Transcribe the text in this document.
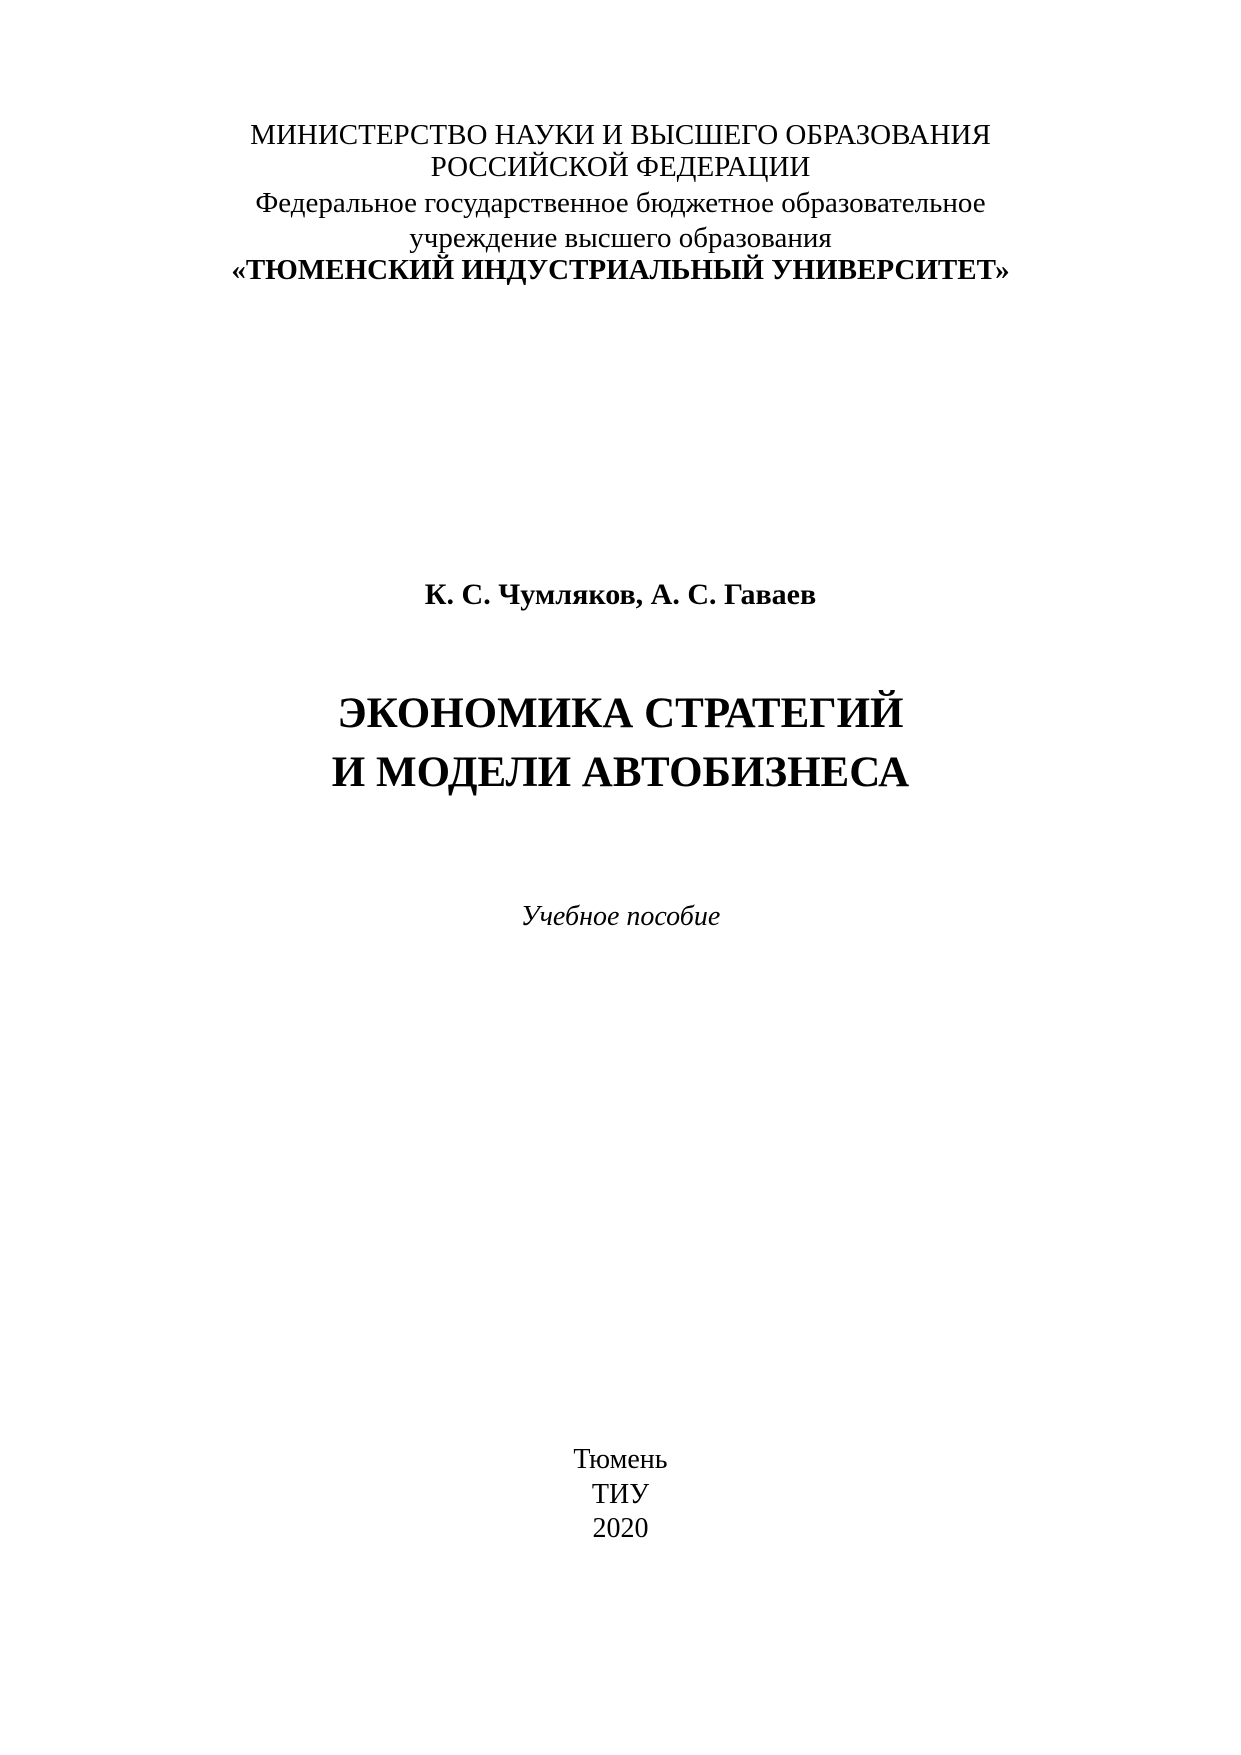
МИНИСТЕРСТВО НАУКИ И ВЫСШЕГО ОБРАЗОВАНИЯ
РОССИЙСКОЙ ФЕДЕРАЦИИ
Федеральное государственное бюджетное образовательное
учреждение высшего образования
«ТЮМЕНСКИЙ ИНДУСТРИАЛЬНЫЙ УНИВЕРСИТЕТ»
К. С. Чумляков, А. С. Гаваев
ЭКОНОМИКА СТРАТЕГИЙ
И МОДЕЛИ АВТОБИЗНЕСА
Учебное пособие
Тюмень
ТИУ
2020
